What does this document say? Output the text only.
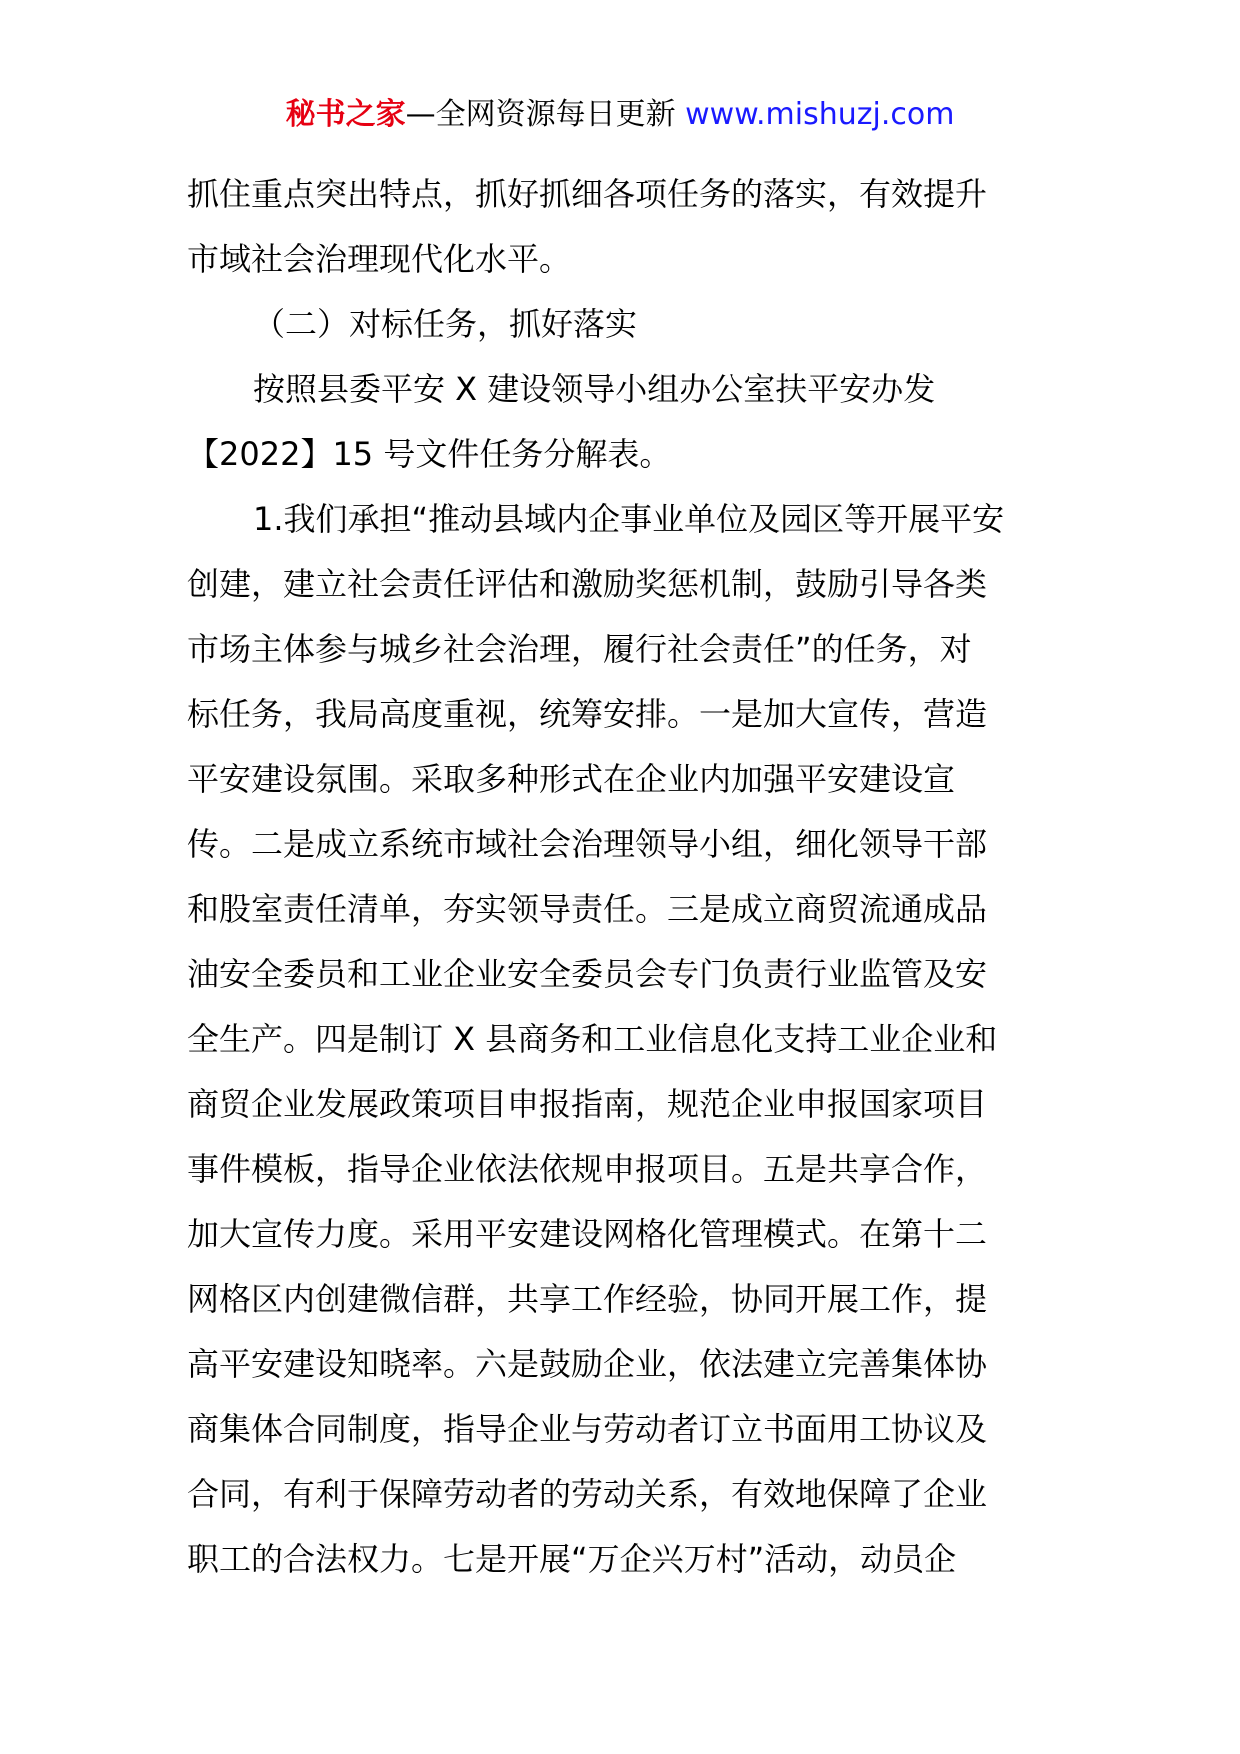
秘书之家—全网资源每日更新 www.mishuzj.com
抓住重点突出特点，抓好抓细各项任务的落实，有效提升
市域社会治理现代化水平。
（二）对标任务，抓好落实
按照县委平安 X 建设领导小组办公室扶平安办发
【2022】15 号文件任务分解表。
1.我们承担“推动县域内企事业单位及园区等开展平安
创建，建立社会责任评估和激励奖惩机制，鼓励引导各类
市场主体参与城乡社会治理，履行社会责任”的任务，对
标任务，我局高度重视，统筹安排。一是加大宣传，营造
平安建设氛围。采取多种形式在企业内加强平安建设宣
传。二是成立系统市域社会治理领导小组，细化领导干部
和股室责任清单，夯实领导责任。三是成立商贸流通成品
油安全委员和工业企业安全委员会专门负责行业监管及安
全生产。四是制订 X 县商务和工业信息化支持工业企业和
商贸企业发展政策项目申报指南，规范企业申报国家项目
事件模板，指导企业依法依规申报项目。五是共享合作，
加大宣传力度。采用平安建设网格化管理模式。在第十二
网格区内创建微信群，共享工作经验，协同开展工作，提
高平安建设知晓率。六是鼓励企业，依法建立完善集体协
商集体合同制度，指导企业与劳动者订立书面用工协议及
合同，有利于保障劳动者的劳动关系，有效地保障了企业
职工的合法权力。七是开展“万企兴万村”活动，动员企
